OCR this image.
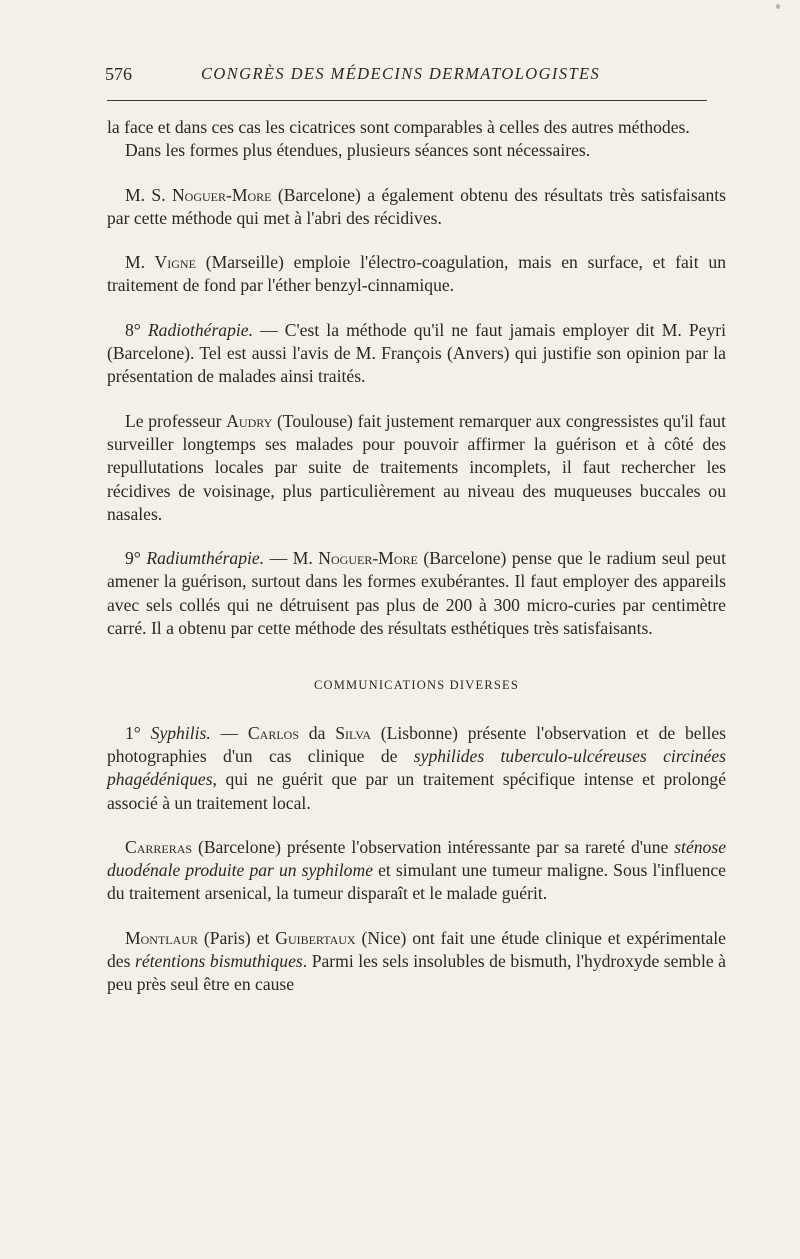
576	CONGRÈS DES MÉDECINS DERMATOLOGISTES

la face et dans ces cas les cicatrices sont comparables à celles des autres méthodes.

Dans les formes plus étendues, plusieurs séances sont nécessaires.

M. S. Noguer-More (Barcelone) a également obtenu des résultats très satisfaisants par cette méthode qui met à l'abri des récidives.

M. Vigne (Marseille) emploie l'électro-coagulation, mais en surface, et fait un traitement de fond par l'éther benzyl-cinnamique.

8° Radiothérapie. — C'est la méthode qu'il ne faut jamais employer dit M. Peyri (Barcelone). Tel est aussi l'avis de M. François (Anvers) qui justifie son opinion par la présentation de malades ainsi traités.

Le professeur Audry (Toulouse) fait justement remarquer aux congressistes qu'il faut surveiller longtemps ses malades pour pouvoir affirmer la guérison et à côté des repullutations locales par suite de traitements incomplets, il faut rechercher les récidives de voisinage, plus particulièrement au niveau des muqueuses buccales ou nasales.

9° Radiumthérapie. — M. Noguer-More (Barcelone) pense que le radium seul peut amener la guérison, surtout dans les formes exubérantes. Il faut employer des appareils avec sels collés qui ne détruisent pas plus de 200 à 300 micro-curies par centimètre carré. Il a obtenu par cette méthode des résultats esthétiques très satisfaisants.

COMMUNICATIONS DIVERSES

1° Syphilis. — Carlos da Silva (Lisbonne) présente l'observation et de belles photographies d'un cas clinique de syphilides tuberculo-ulcéreuses circinées phagédéniques, qui ne guérit que par un traitement spécifique intense et prolongé associé à un traitement local.

Carreras (Barcelone) présente l'observation intéressante par sa rareté d'une sténose duodénale produite par un syphilome et simulant une tumeur maligne. Sous l'influence du traitement arsenical, la tumeur disparaît et le malade guérit.

Montlaur (Paris) et Guibertaux (Nice) ont fait une étude clinique et expérimentale des rétentions bismuthiques. Parmi les sels insolubles de bismuth, l'hydroxyde semble à peu près seul être en cause
